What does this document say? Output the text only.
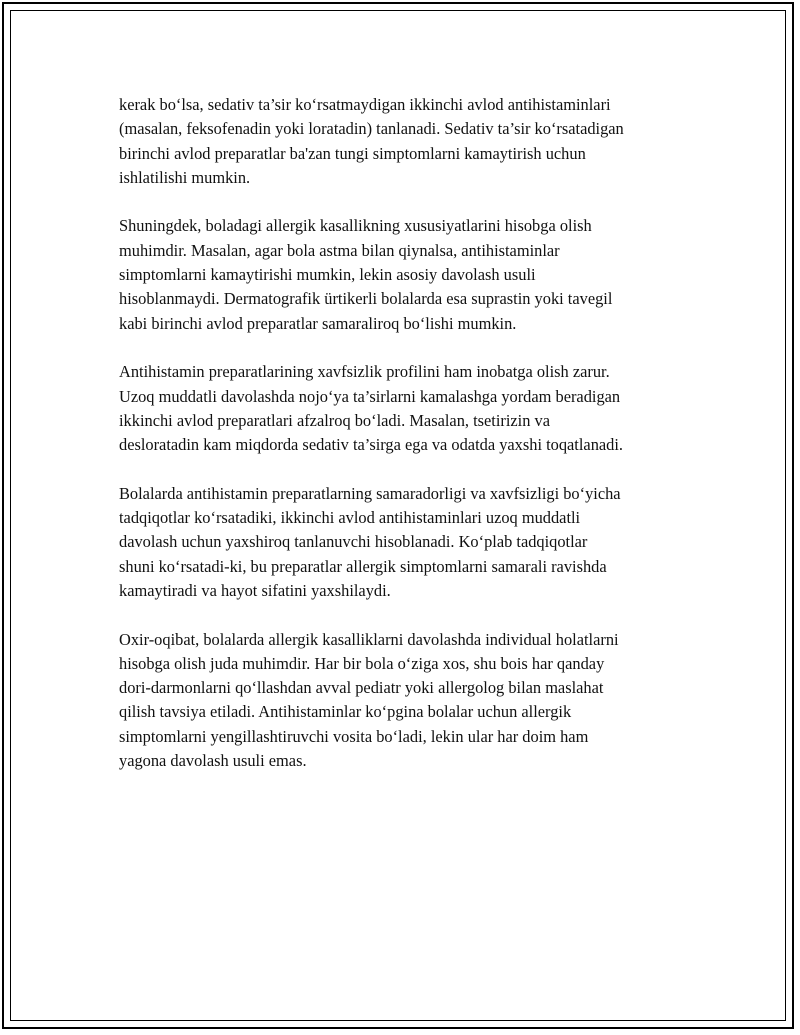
kerak bo‘lsa, sedativ ta’sir ko‘rsatmaydigan ikkinchi avlod antihistaminlari
(masalan, feksofenadin yoki loratadin) tanlanadi. Sedativ ta’sir ko‘rsatadigan
birinchi avlod preparatlar ba'zan tungi simptomlarni kamaytirish uchun
ishlatilishi mumkin.

Shuningdek, boladagi allergik kasallikning xususiyatlarini hisobga olish
muhimdir. Masalan, agar bola astma bilan qiynalsa, antihistaminlar
simptomlarni kamaytirishi mumkin, lekin asosiy davolash usuli
hisoblanmaydi. Dermatografik ürtikerli bolalarda esa suprastin yoki tavegil
kabi birinchi avlod preparatlar samaraliroq bo‘lishi mumkin.

Antihistamin preparatlarining xavfsizlik profilini ham inobatga olish zarur.
Uzoq muddatli davolashda nojo‘ya ta’sirlarni kamalashga yordam beradigan
ikkinchi avlod preparatlari afzalroq bo‘ladi. Masalan, tsetirizin va
desloratadin kam miqdorda sedativ ta’sirga ega va odatda yaxshi toqatlanadi.

Bolalarda antihistamin preparatlarning samaradorligi va xavfsizligi bo‘yicha
tadqiqotlar ko‘rsatadiki, ikkinchi avlod antihistaminlari uzoq muddatli
davolash uchun yaxshiroq tanlanuvchi hisoblanadi. Ko‘plab tadqiqotlar
shuni ko‘rsatadi-ki, bu preparatlar allergik simptomlarni samarali ravishda
kamaytiradi va hayot sifatini yaxshilaydi.

Oxir-oqibat, bolalarda allergik kasalliklarni davolashda individual holatlarni
hisobga olish juda muhimdir. Har bir bola o‘ziga xos, shu bois har qanday
dori-darmonlarni qo‘llashdan avval pediatr yoki allergolog bilan maslahat
qilish tavsiya etiladi. Antihistaminlar ko‘pgina bolalar uchun allergik
simptomlarni yengillashtiruvchi vosita bo‘ladi, lekin ular har doim ham
yagona davolash usuli emas.
